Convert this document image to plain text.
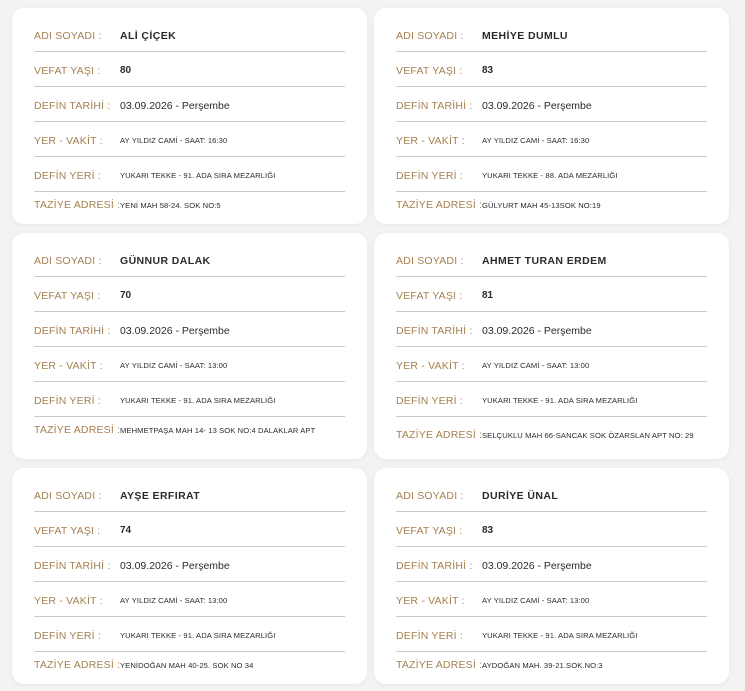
ADI SOYADI :	ALİ ÇİÇEK
VEFAT YAŞI :	80
DEFİN TARİHİ : 03.09.2026 - Perşembe
YER - VAKİT :	AY YILDIZ CAMİ - SAAT: 16:30
DEFİN YERİ :	YUKARI TEKKE - 91. ADA SIRA MEZARLIĞI
TAZİYE ADRESİ : YENİ MAH 58-24. SOK NO:5
ADI SOYADI :	MEHİYE DUMLU
VEFAT YAŞI :	83
DEFİN TARİHİ : 03.09.2026 - Perşembe
YER - VAKİT :	AY YILDIZ CAMİ - SAAT: 16:30
DEFİN YERİ :	YUKARI TEKKE - 88. ADA MEZARLIĞI
TAZİYE ADRESİ : GÜLYURT MAH 45-13SOK NO:19
ADI SOYADI :	GÜNNUR DALAK
VEFAT YAŞI :	70
DEFİN TARİHİ : 03.09.2026 - Perşembe
YER - VAKİT :	AY YILDIZ CAMİ - SAAT: 13:00
DEFİN YERİ :	YUKARI TEKKE - 91. ADA SIRA MEZARLIĞI
TAZİYE ADRESİ : MEHMETPAŞA MAH 14- 13 SOK NO:4 DALAKLAR APT
ADI SOYADI :	AHMET TURAN ERDEM
VEFAT YAŞI :	81
DEFİN TARİHİ : 03.09.2026 - Perşembe
YER - VAKİT :	AY YILDIZ CAMİ - SAAT: 13:00
DEFİN YERİ :	YUKARI TEKKE - 91. ADA SIRA MEZARLIĞI
TAZİYE ADRESİ : SELÇUKLU MAH 66-SANCAK SOK ÖZARSLAN APT NO: 29
ADI SOYADI :	AYŞE ERFIRAT
VEFAT YAŞI :	74
DEFİN TARİHİ : 03.09.2026 - Perşembe
YER - VAKİT :	AY YILDIZ CAMİ - SAAT: 13:00
DEFİN YERİ :	YUKARI TEKKE - 91. ADA SIRA MEZARLIĞI
TAZİYE ADRESİ : YENİDOĞAN MAH 40-25. SOK NO 34
ADI SOYADI :	DURİYE ÜNAL
VEFAT YAŞI :	83
DEFİN TARİHİ : 03.09.2026 - Perşembe
YER - VAKİT :	AY YILDIZ CAMİ - SAAT: 13:00
DEFİN YERİ :	YUKARI TEKKE - 91. ADA SIRA MEZARLIĞI
TAZİYE ADRESİ : AYDOĞAN MAH. 39-21.SOK.NO:3
